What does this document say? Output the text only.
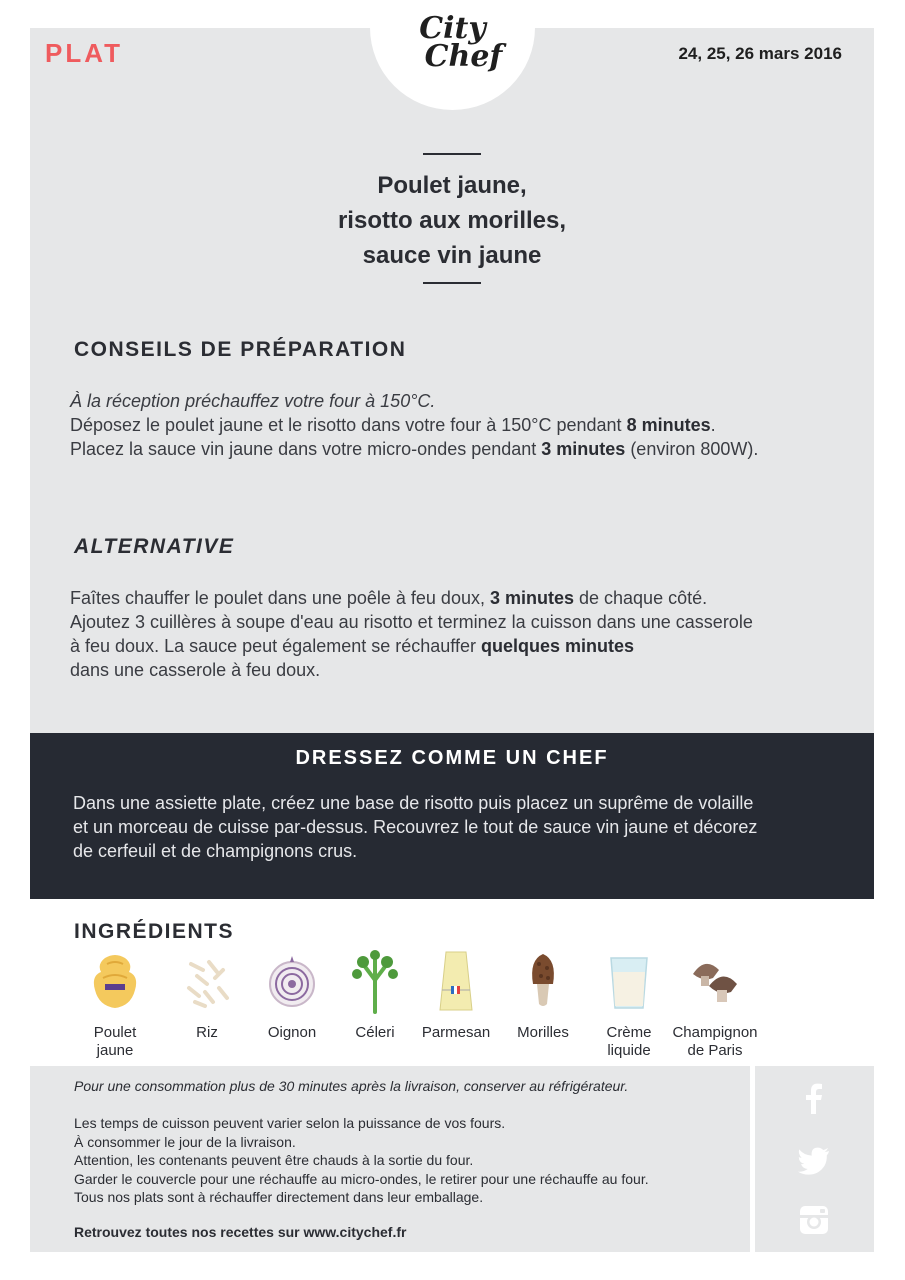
City
Chef
PLAT	24, 25, 26 mars 2016
Poulet jaune,
risotto aux morilles,
sauce vin jaune
CONSEILS DE PRÉPARATION
À la réception préchauffez votre four à 150°C.
Déposez le poulet jaune et le risotto dans votre four à 150°C pendant 8 minutes.
Placez la sauce vin jaune dans votre micro-ondes pendant 3 minutes (environ 800W).
ALTERNATIVE
Faîtes chauffer le poulet dans une poêle à feu doux, 3 minutes de chaque côté.
Ajoutez 3 cuillères à soupe d'eau au risotto et terminez la cuisson dans une casserole
à feu doux. La sauce peut également se réchauffer quelques minutes
dans une casserole à feu doux.
DRESSEZ COMME UN CHEF
Dans une assiette plate, créez une base de risotto puis placez un suprême de volaille
et un morceau de cuisse par-dessus. Recouvrez le tout de sauce vin jaune et décorez
de cerfeuil et de champignons crus.
INGRÉDIENTS
Poulet
jaune
Riz	Oignon	Céleri	Parmesan	Morilles	Crème
liquide
Champignon
de Paris
Pour une consommation plus de 30 minutes après la livraison, conserver au réfrigérateur.
Les temps de cuisson peuvent varier selon la puissance de vos fours.
À consommer le jour de la livraison.
Attention, les contenants peuvent être chauds à la sortie du four.
Garder le couvercle pour une réchauffe au micro-ondes, le retirer pour une réchauffe au four.
Tous nos plats sont à réchauffer directement dans leur emballage.
Retrouvez toutes nos recettes sur www.citychef.fr
